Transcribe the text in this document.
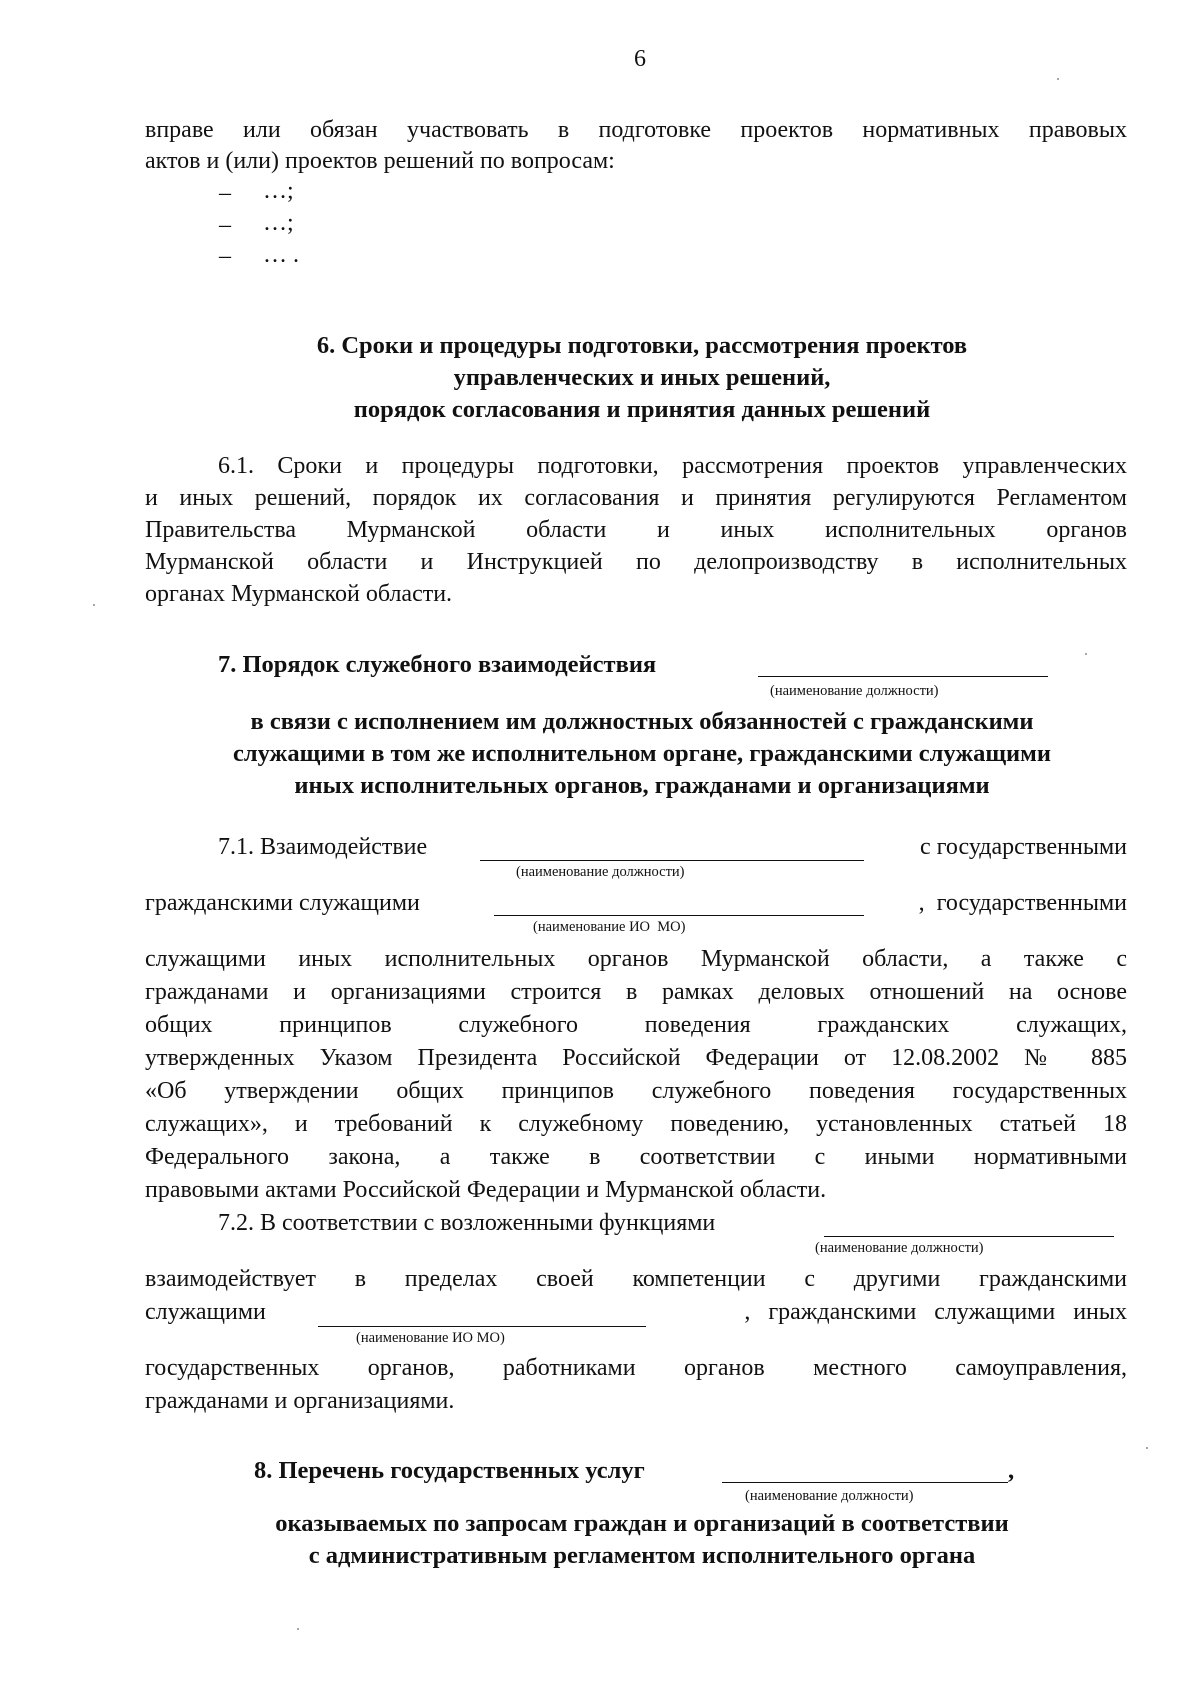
6
вправе или обязан участвовать в подготовке проектов нормативных правовых
актов и (или) проектов решений по вопросам:
– …;
– …;
– … .
6. Сроки и процедуры подготовки, рассмотрения проектов
управленческих и иных решений,
порядок согласования и принятия данных решений
6.1. Сроки и процедуры подготовки, рассмотрения проектов управленческих
и иных решений, порядок их согласования и принятия регулируются Регламентом
Правительства Мурманской области и иных исполнительных органов
Мурманской области и Инструкцией по делопроизводству в исполнительных
органах Мурманской области.
7. Порядок служебного взаимодействия
(наименование должности)
в связи с исполнением им должностных обязанностей с гражданскими
служащими в том же исполнительном органе, гражданскими служащими
иных исполнительных органов, гражданами и организациями
7.1. Взаимодействие	с государственными
(наименование должности)
гражданскими служащими	,  государственными
(наименование ИО  МО)
служащими иных исполнительных органов Мурманской области, а также с
гражданами и организациями строится в рамках деловых отношений на основе
общих принципов служебного поведения гражданских служащих,
утвержденных Указом Президента Российской Федерации от 12.08.2002 № 885
«Об утверждении общих принципов служебного поведения государственных
служащих», и требований к служебному поведению, установленных статьей 18
Федерального закона, а также в соответствии с иными нормативными
правовыми актами Российской Федерации и Мурманской области.
7.2. В соответствии с возложенными функциями
(наименование должности)
взаимодействует в пределах своей компетенции с другими гражданскими
служащими	,   гражданскими   служащими   иных
(наименование ИО МО)
государственных органов, работниками органов местного самоуправления,
гражданами и организациями.
8. Перечень государственных услуг	,
(наименование должности)
оказываемых по запросам граждан и организаций в соответствии
с административным регламентом исполнительного органа
